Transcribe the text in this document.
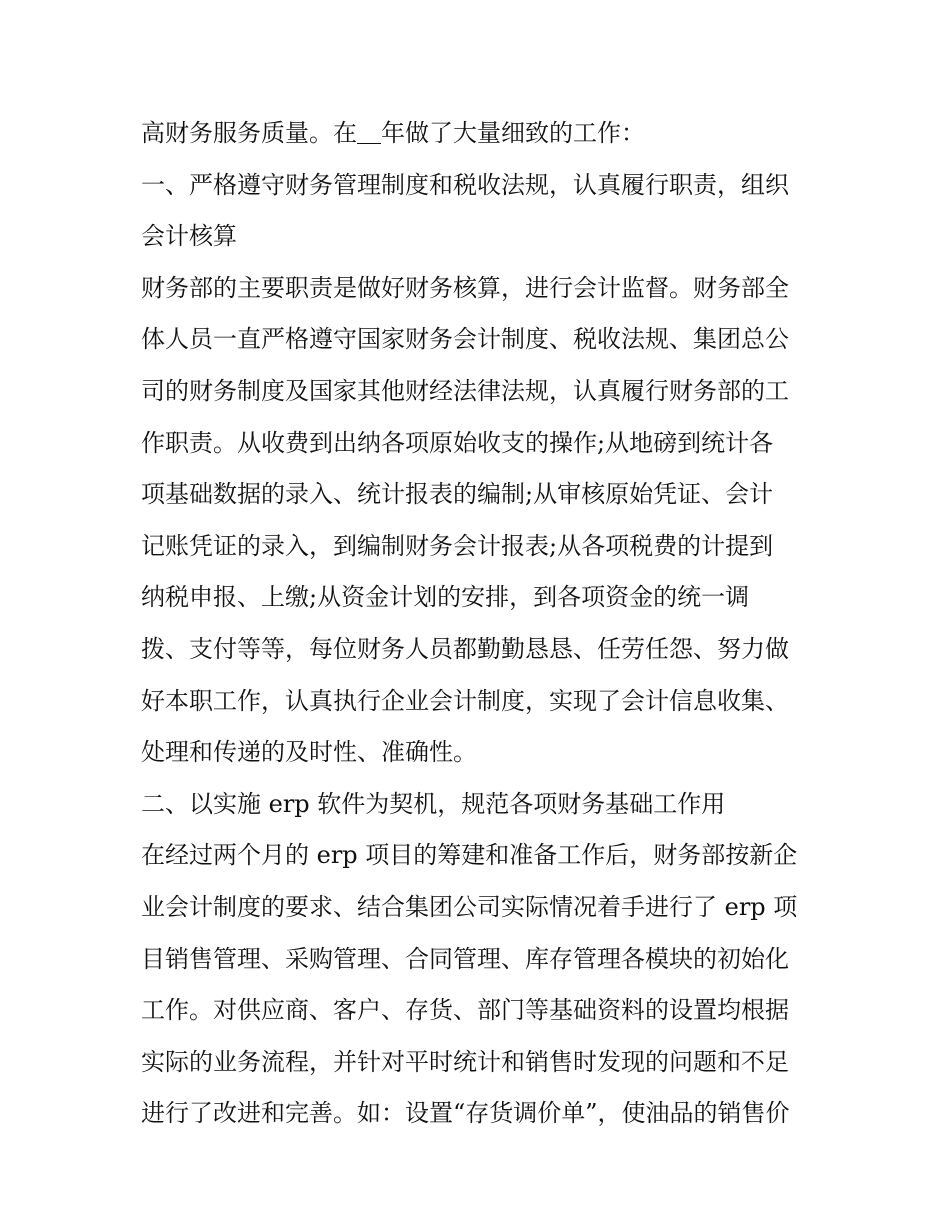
高财务服务质量。在＿年做了大量细致的工作：
一、严格遵守财务管理制度和税收法规，认真履行职责，组织
会计核算
财务部的主要职责是做好财务核算，进行会计监督。财务部全
体人员一直严格遵守国家财务会计制度、税收法规、集团总公
司的财务制度及国家其他财经法律法规，认真履行财务部的工
作职责。从收费到出纳各项原始收支的操作;从地磅到统计各
项基础数据的录入、统计报表的编制;从审核原始凭证、会计
记账凭证的录入，到编制财务会计报表;从各项税费的计提到
纳税申报、上缴;从资金计划的安排，到各项资金的统一调
拨、支付等等，每位财务人员都勤勤恳恳、任劳任怨、努力做
好本职工作，认真执行企业会计制度，实现了会计信息收集、
处理和传递的及时性、准确性。
二、以实施 erp 软件为契机，规范各项财务基础工作用
在经过两个月的 erp 项目的筹建和准备工作后，财务部按新企
业会计制度的要求、结合集团公司实际情况着手进行了 erp 项
目销售管理、采购管理、合同管理、库存管理各模块的初始化
工作。对供应商、客户、存货、部门等基础资料的设置均根据
实际的业务流程，并针对平时统计和销售时发现的问题和不足
进行了改进和完善。如：设置“存货调价单”，使油品的销售价
